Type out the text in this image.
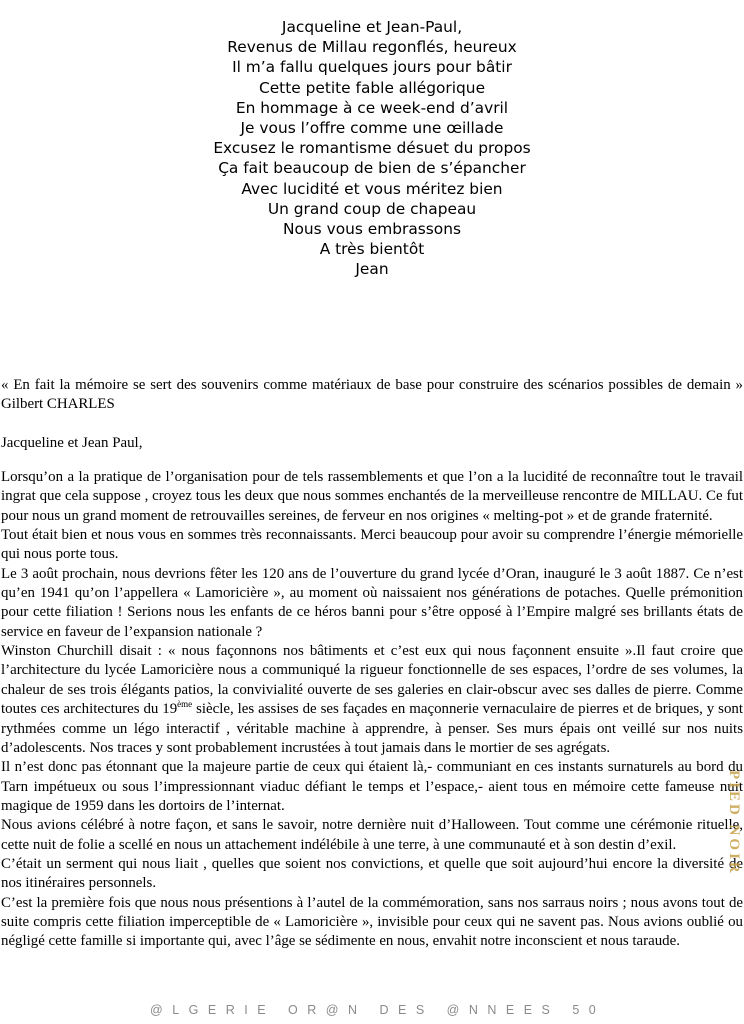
Jacqueline et Jean-Paul,
Revenus de Millau regonflés, heureux
Il m’a fallu quelques jours pour bâtir
Cette petite fable allégorique
En hommage à ce week-end d’avril
Je vous l’offre comme une œillade
Excusez le romantisme désuet du propos
Ça fait beaucoup de bien de s’épancher
Avec lucidité et vous méritez bien
Un grand coup de chapeau
Nous vous embrassons
A très bientôt
Jean

« En fait la mémoire se sert des souvenirs comme matériaux de base pour construire des scénarios possibles de demain » Gilbert CHARLES

Jacqueline et Jean Paul,

Lorsqu’on a la pratique de l’organisation pour de tels rassemblements et que l’on a la lucidité de reconnaître tout le travail ingrat que cela suppose , croyez tous les deux que nous sommes enchantés de la merveilleuse rencontre de MILLAU. Ce fut pour nous un grand moment de retrouvailles sereines, de ferveur en nos origines « melting-pot » et de grande fraternité.

Tout était bien et nous vous en sommes très reconnaissants. Merci beaucoup pour avoir su comprendre l’énergie mémorielle qui nous porte tous.

Le 3 août prochain, nous devrions fêter les 120 ans de l’ouverture du grand lycée d’Oran, inauguré le 3 août 1887. Ce n’est qu’en 1941 qu’on l’appellera « Lamoricière », au moment où naissaient nos générations de potaches. Quelle prémonition pour cette filiation ! Serions nous les enfants de ce héros banni pour s’être opposé à l’Empire malgré ses brillants états de service en faveur de l’expansion nationale ?

Winston Churchill disait : « nous façonnons nos bâtiments et c’est eux qui nous façonnent ensuite ».Il faut croire que l’architecture du lycée Lamoricière nous a communiqué la rigueur fonctionnelle de ses espaces, l’ordre de ses volumes, la chaleur de ses trois élégants patios, la convivialité ouverte de ses galeries en clair-obscur avec ses dalles de pierre. Comme toutes ces architectures du 19ème siècle, les assises de ses façades en maçonnerie vernaculaire de pierres et de briques, y sont rythmées comme un légo interactif , véritable machine à apprendre, à penser. Ses murs épais ont veillé sur nos nuits d’adolescents. Nos traces y sont probablement incrustées à tout jamais dans le mortier de ses agrégats.

Il n’est donc pas étonnant que la majeure partie de ceux qui étaient là,- communiant en ces instants surnaturels au bord du Tarn impétueux ou sous l’impressionnant viaduc défiant le temps et l’espace,- aient tous en mémoire cette fameuse nuit magique de 1959 dans les dortoirs de l’internat.

Nous avions célébré à notre façon, et sans le savoir, notre dernière nuit d’Halloween. Tout comme une cérémonie rituelle, cette nuit de folie a scellé en nous un attachement indélébile à une terre, à une communauté et à son destin d’exil.

C’était un serment qui nous liait , quelles que soient nos convictions, et quelle que soit aujourd’hui encore la diversité de nos itinéraires personnels.

C’est la première fois que nous nous présentions à l’autel de la commémoration, sans nos sarraus noirs ; nous avons tout de suite compris cette filiation imperceptible de « Lamoricière », invisible pour ceux qui ne savent pas. Nous avions oublié ou négligé cette famille si importante qui, avec l’âge se sédimente en nous, envahit notre inconscient et nous taraude.

PIED NOIR
@LGERIE OR@N DES @NNEES 50
